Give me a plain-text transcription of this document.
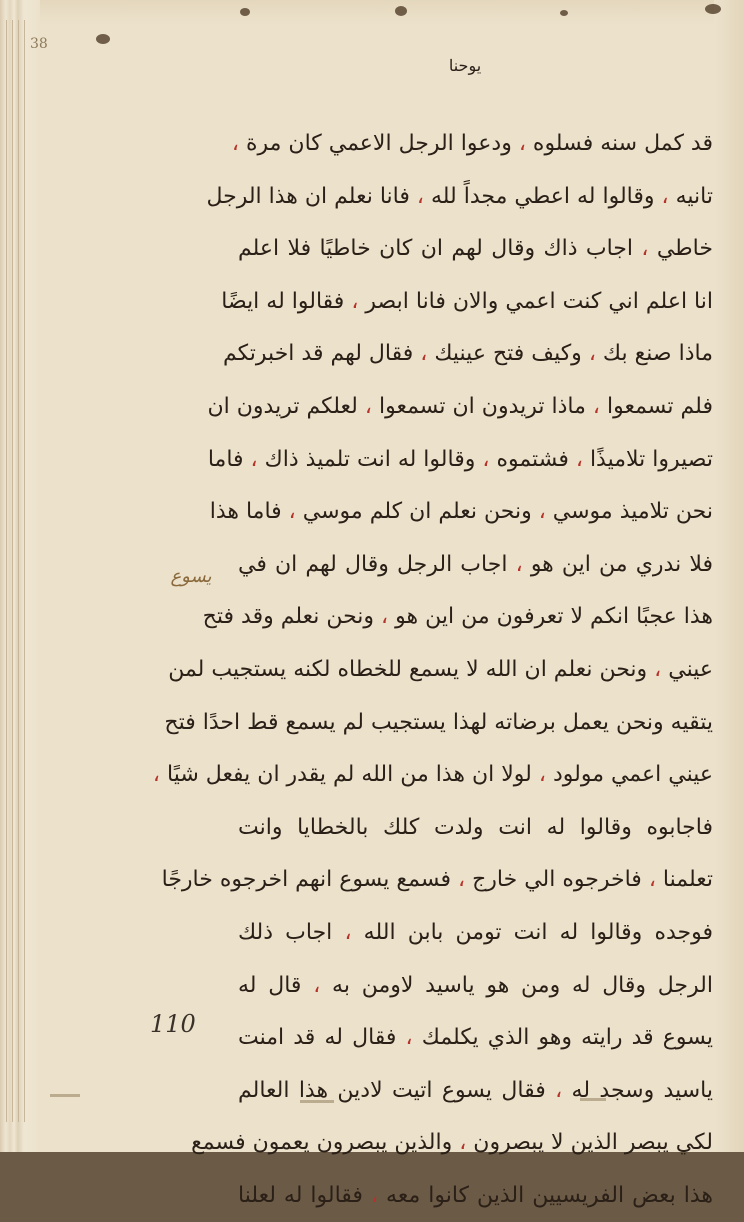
38
يوحنا
قد كمل سنه فسلوه ، ودعوا الرجل الاعمي كان مرة ،
تانيه ، وقالوا له اعطي مجداً لله ، فانا نعلم ان هذا الرجل
خاطي ، اجاب ذاك وقال لهم ان كان خاطيًا فلا اعلم
انا اعلم اني كنت اعمي والان فانا ابصر ، فقالوا له ايضًا
ماذا صنع بك ، وكيف فتح عينيك ، فقال لهم قد اخبرتكم
فلم تسمعوا ، ماذا تريدون ان تسمعوا ، لعلكم تريدون ان
تصيروا تلاميذًا ، فشتموه ، وقالوا له انت تلميذ ذاك ، فاما
نحن تلاميذ موسي ، ونحن نعلم ان كلم موسي ، فاما هذا
فلا ندري من اين هو ، اجاب الرجل وقال لهم ان في
هذا عجبًا انكم لا تعرفون من اين هو ، ونحن نعلم وقد فتح
عيني ، ونحن نعلم ان الله لا يسمع للخطاه لكنه يستجيب لمن
يتقيه ونحن يعمل برضاته لهذا يستجيب لم يسمع قط احدًا فتح
عيني اعمي مولود ، لولا ان هذا من الله لم يقدر ان يفعل شيًا ،
فاجابوه وقالوا له انت ولدت كلك بالخطايا وانت
تعلمنا ، فاخرجوه الي خارج ، فسمع يسوع انهم اخرجوه خارجًا
فوجده وقالوا له انت تومن بابن الله ، اجاب ذلك
الرجل وقال له ومن هو ياسيد لاومن به ، قال له
يسوع قد رايته وهو الذي يكلمك ، فقال له قد امنت
ياسيد وسجد له ، فقال يسوع اتيت لادين هذا العالم
لكي يبصر الذين لا يبصرون ، والذين يبصرون يعمون فسمع
هذا بعض الفريسيين الذين كانوا معه ، فقالوا له لعلنا
يسوع
110
